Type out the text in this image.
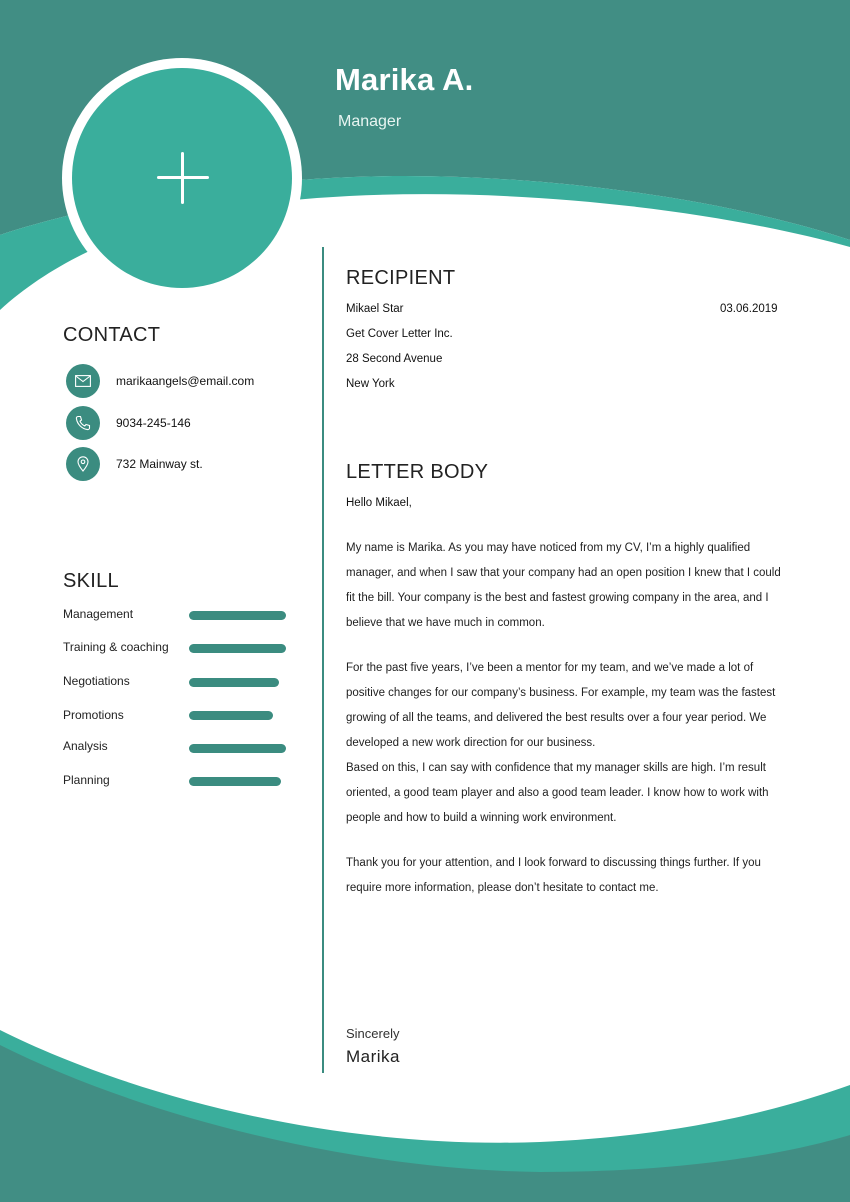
Marika A.
Manager
CONTACT
marikaangels@email.com
9034-245-146
732 Mainway st.
SKILL
Management
Training & coaching
Negotiations
Promotions
Analysis
Planning
RECIPIENT
Mikael Star	03.06.2019
Get Cover Letter Inc.
28 Second Avenue
New York
LETTER BODY
Hello Mikael,

My name is Marika. As you may have noticed from my CV, I’m a highly qualified

manager, and when I saw that your company had an open position I knew that I could

fit the bill. Your company is the best and fastest growing company in the area, and I

believe that we have much in common.

For the past five years, I’ve been a mentor for my team, and we’ve made a lot of

positive changes for our company’s business. For example, my team was the fastest

growing of all the teams, and delivered the best results over a four year period. We

developed a new work direction for our business.

Based on this, I can say with confidence that my manager skills are high. I’m result

oriented, a good team player and also a good team leader. I know how to work with

people and how to build a winning work environment.

Thank you for your attention, and I look forward to discussing things further. If you

require more information, please don’t hesitate to contact me.

Sincerely
Marika
